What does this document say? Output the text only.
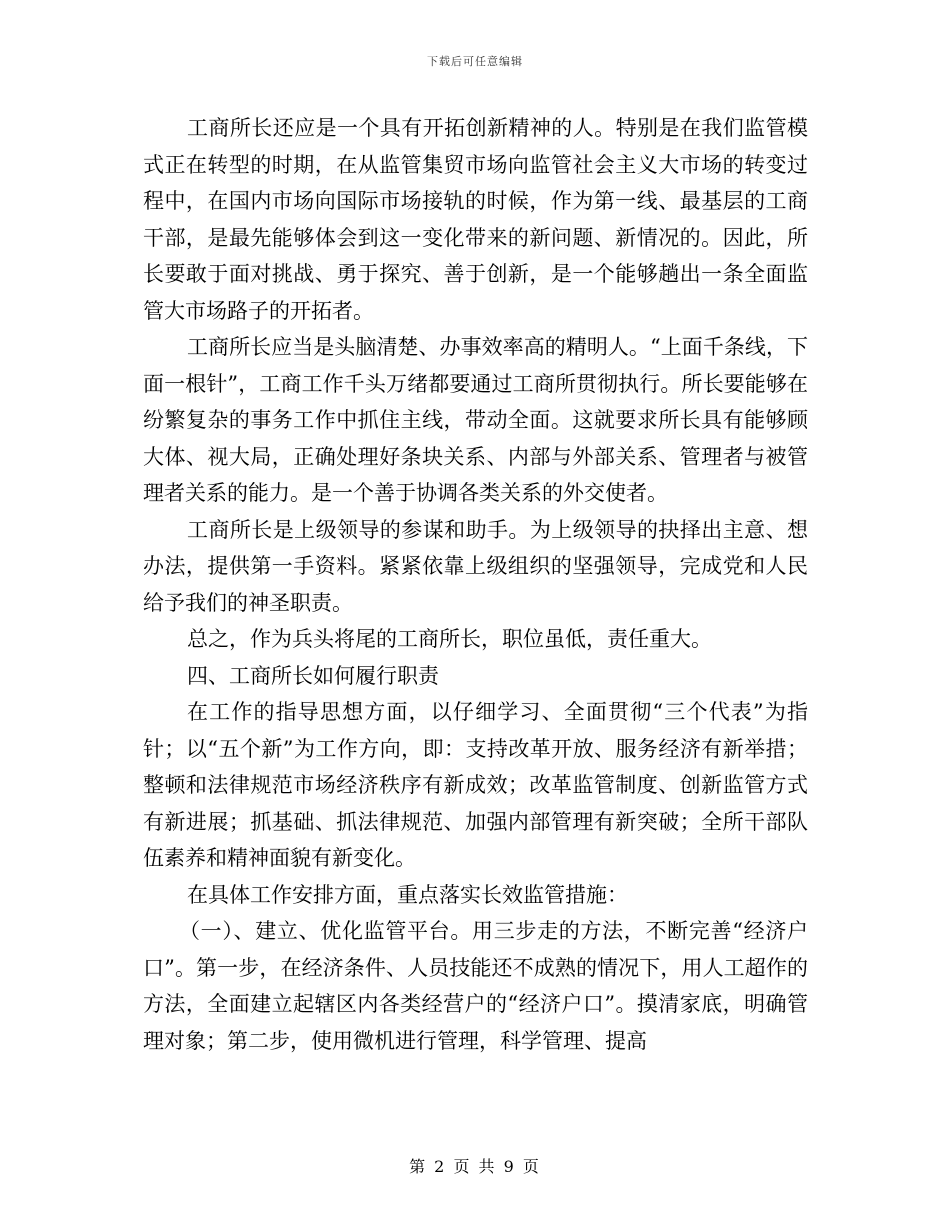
下载后可任意编辑

工商所长还应是一个具有开拓创新精神的人。特别是在我们监管模式正在转型的时期，在从监管集贸市场向监管社会主义大市场的转变过程中，在国内市场向国际市场接轨的时候，作为第一线、最基层的工商干部，是最先能够体会到这一变化带来的新问题、新情况的。因此，所长要敢于面对挑战、勇于探究、善于创新，是一个能够趟出一条全面监管大市场路子的开拓者。

工商所长应当是头脑清楚、办事效率高的精明人。“上面千条线，下面一根针”，工商工作千头万绪都要通过工商所贯彻执行。所长要能够在纷繁复杂的事务工作中抓住主线，带动全面。这就要求所长具有能够顾大体、视大局，正确处理好条块关系、内部与外部关系、管理者与被管理者关系的能力。是一个善于协调各类关系的外交使者。

工商所长是上级领导的参谋和助手。为上级领导的抉择出主意、想办法，提供第一手资料。紧紧依靠上级组织的坚强领导，完成党和人民给予我们的神圣职责。

总之，作为兵头将尾的工商所长，职位虽低，责任重大。

四、工商所长如何履行职责

在工作的指导思想方面，以仔细学习、全面贯彻“三个代表”为指针；以“五个新”为工作方向，即：支持改革开放、服务经济有新举措；整顿和法律规范市场经济秩序有新成效；改革监管制度、创新监管方式有新进展；抓基础、抓法律规范、加强内部管理有新突破；全所干部队伍素养和精神面貌有新变化。

在具体工作安排方面，重点落实长效监管措施：

（一）、建立、优化监管平台。用三步走的方法，不断完善“经济户口”。第一步，在经济条件、人员技能还不成熟的情况下，用人工超作的方法，全面建立起辖区内各类经营户的“经济户口”。摸清家底，明确管理对象；第二步，使用微机进行管理，科学管理、提高

第 2 页 共 9 页
